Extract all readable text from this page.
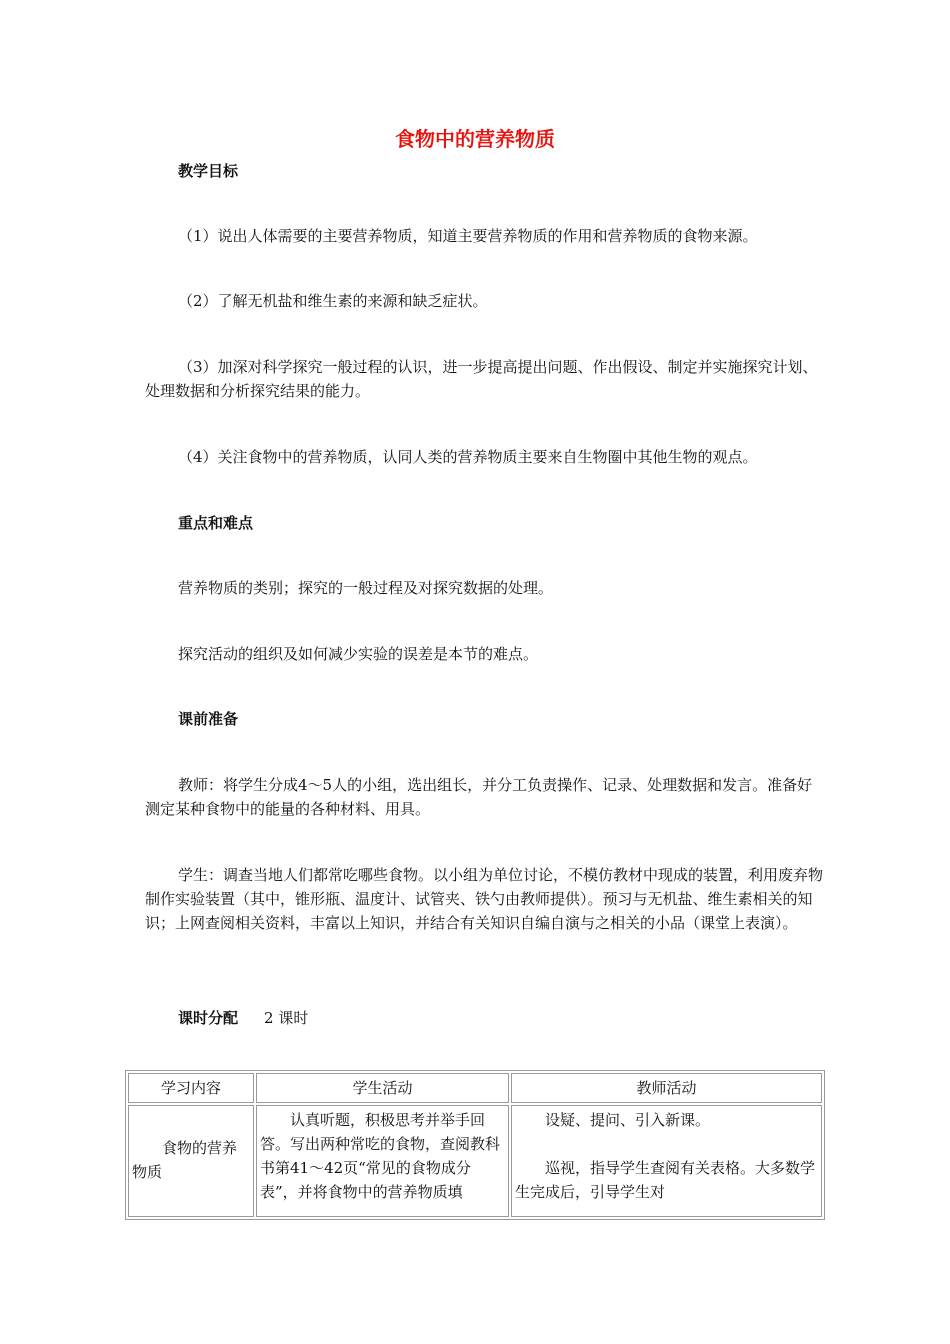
食物中的营养物质
教学目标
（1）说出人体需要的主要营养物质，知道主要营养物质的作用和营养物质的食物来源。
（2）了解无机盐和维生素的来源和缺乏症状。
（3）加深对科学探究一般过程的认识，进一步提高提出问题、作出假设、制定并实施探究计划、处理数据和分析探究结果的能力。
（4）关注食物中的营养物质，认同人类的营养物质主要来自生物圈中其他生物的观点。
重点和难点
营养物质的类别；探究的一般过程及对探究数据的处理。
探究活动的组织及如何减少实验的误差是本节的难点。
课前准备
教师：将学生分成4～5人的小组，选出组长，并分工负责操作、记录、处理数据和发言。准备好测定某种食物中的能量的各种材料、用具。
学生：调查当地人们都常吃哪些食物。以小组为单位讨论，不模仿教材中现成的装置，利用废弃物制作实验装置（其中，锥形瓶、温度计、试管夹、铁勺由教师提供）。预习与无机盐、维生素相关的知识；上网查阅相关资料，丰富以上知识，并结合有关知识自编自演与之相关的小品（课堂上表演）。
课时分配 2 课时
学习内容	学生活动	教师活动
食物的营养物质	认真听题，积极思考并举手回答。写出两种常吃的食物，查阅教科书第41～42页“常见的食物成分表”，并将食物中的营养物质填	设疑、提问、引入新课。

巡视，指导学生查阅有关表格。大多数学生完成后，引导学生对
